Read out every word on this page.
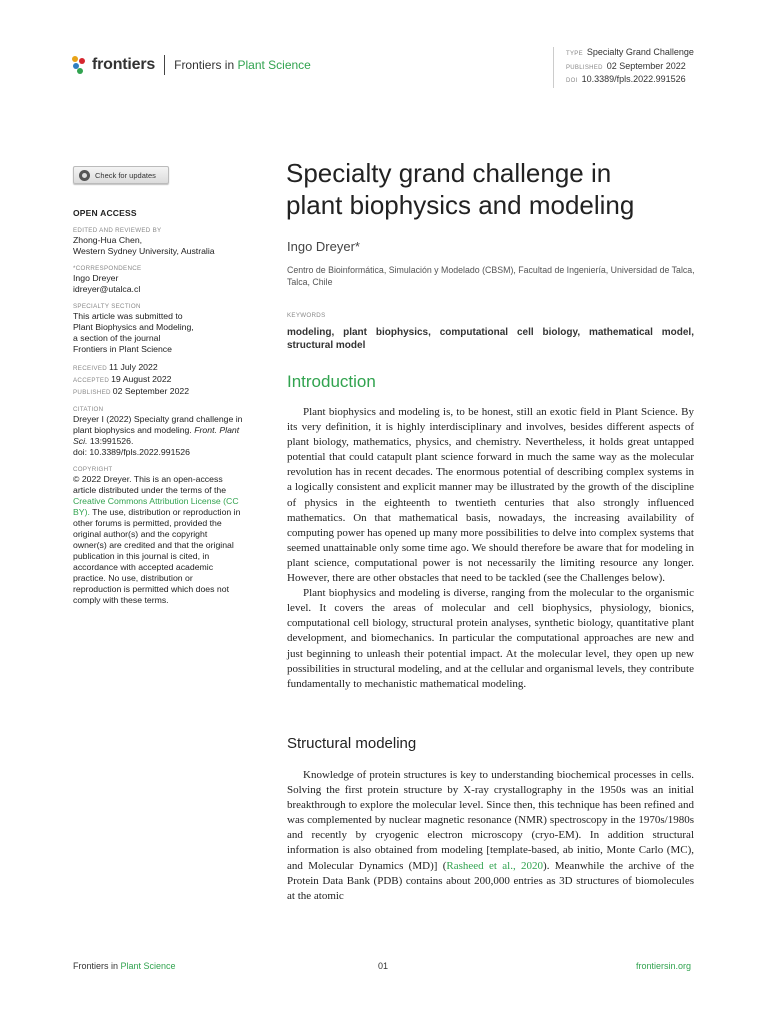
frontiers Frontiers in Plant Science
TYPE Specialty Grand Challenge
PUBLISHED 02 September 2022
DOI 10.3389/fpls.2022.991526
Check for updates
OPEN ACCESS
EDITED AND REVIEWED BY
Zhong-Hua Chen,
Western Sydney University, Australia
*CORRESPONDENCE
Ingo Dreyer
idreyer@utalca.cl
SPECIALTY SECTION
This article was submitted to
Plant Biophysics and Modeling,
a section of the journal
Frontiers in Plant Science
RECEIVED 11 July 2022
ACCEPTED 19 August 2022
PUBLISHED 02 September 2022
CITATION
Dreyer I (2022) Specialty grand challenge in plant biophysics and modeling. Front. Plant Sci. 13:991526.
doi: 10.3389/fpls.2022.991526
COPYRIGHT
© 2022 Dreyer. This is an open-access article distributed under the terms of the Creative Commons Attribution License (CC BY). The use, distribution or reproduction in other forums is permitted, provided the original author(s) and the copyright owner(s) are credited and that the original publication in this journal is cited, in accordance with accepted academic practice. No use, distribution or reproduction is permitted which does not comply with these terms.
Specialty grand challenge in
plant biophysics and modeling
Ingo Dreyer*
Centro de Bioinformática, Simulación y Modelado (CBSM), Facultad de Ingeniería, Universidad de Talca, Talca, Chile
KEYWORDS
modeling, plant biophysics, computational cell biology, mathematical model, structural model
Introduction

Plant biophysics and modeling is, to be honest, still an exotic field in Plant Science. By its very definition, it is highly interdisciplinary and involves, besides different aspects of plant biology, mathematics, physics, and chemistry. Nevertheless, it holds great untapped potential that could catapult plant science forward in much the same way as the molecular revolution has in recent decades. The enormous potential of describing complex systems in a logically consistent and explicit manner may be illustrated by the growth of the discipline of physics in the eighteenth to twentieth centuries that also strongly influenced mathematics. On that mathematical basis, nowadays, the increasing availability of computing power has opened up many more possibilities to delve into complex systems that seemed unattainable only some time ago. We should therefore be aware that for modeling in plant science, computational power is not necessarily the limiting resource any longer. However, there are other obstacles that need to be tackled (see the Challenges below).

Plant biophysics and modeling is diverse, ranging from the molecular to the organismic level. It covers the areas of molecular and cell biophysics, physiology, bionics, computational cell biology, structural protein analyses, synthetic biology, quantitative plant development, and biomechanics. In particular the computational approaches are new and just beginning to unleash their potential impact. At the molecular level, they open up new possibilities in structural modeling, and at the cellular and organismal levels, they contribute fundamentally to mechanistic mathematical modeling.

Structural modeling

Knowledge of protein structures is key to understanding biochemical processes in cells. Solving the first protein structure by X-ray crystallography in the 1950s was an initial breakthrough to explore the molecular level. Since then, this technique has been refined and was complemented by nuclear magnetic resonance (NMR) spectroscopy in the 1970s/1980s and recently by cryogenic electron microscopy (cryo-EM). In addition structural information is also obtained from modeling [template-based, ab initio, Monte Carlo (MC), and Molecular Dynamics (MD)] (Rasheed et al., 2020). Meanwhile the archive of the Protein Data Bank (PDB) contains about 200,000 entries as 3D structures of biomolecules at the atomic

Frontiers in Plant Science	01	frontiersin.org
